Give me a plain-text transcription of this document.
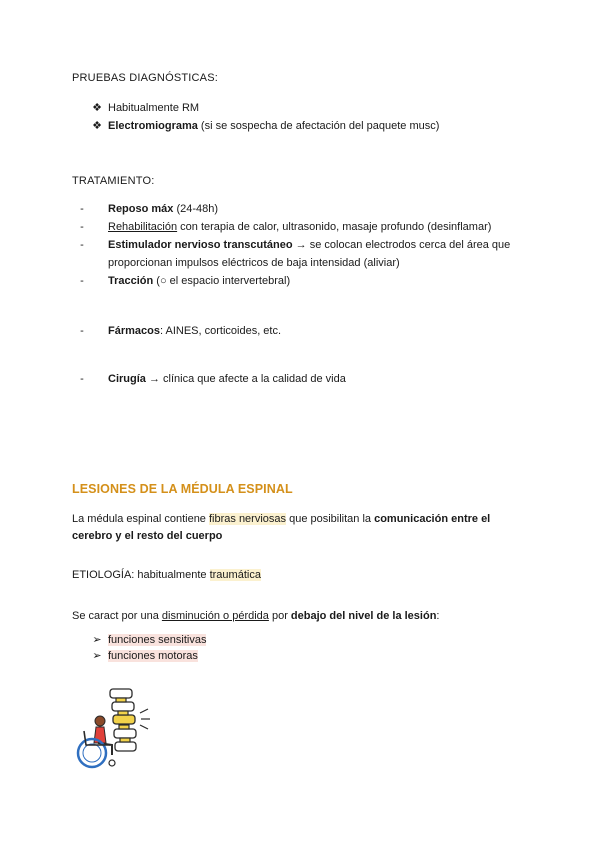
PRUEBAS DIAGNÓSTICAS:
❖ Habitualmente RM
❖ Electromiograma (si se sospecha de afectación del paquete musc)
TRATAMIENTO:
-	Reposo máx (24-48h)
-	Rehabilitación con terapia de calor, ultrasonido, masaje profundo (desinflamar)
-	Estimulador nervioso transcutáneo → se colocan electrodos cerca del área que
proporcionan impulsos eléctricos de baja intensidad (aliviar)
-	Tracción (○ el espacio intervertebral)
-	Fármacos: AINES, corticoides, etc.
-	Cirugía → clínica que afecte a la calidad de vida
LESIONES DE LA MÉDULA ESPINAL
La médula espinal contiene fibras nerviosas que posibilitan la comunicación entre el cerebro y el resto del cuerpo
ETIOLOGÍA: habitualmente traumática
Se caract por una disminución o pérdida por debajo del nivel de la lesión:
➢ funciones sensitivas
➢ funciones motoras
